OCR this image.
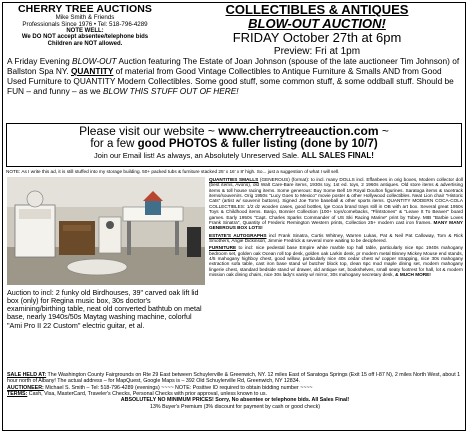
CHERRY TREE AUCTIONS
Mike Smith & Friends
Professionals Since 1976 • Tel: 518-796-4289
NOTE WELL:
We DO NOT accept absentee/telephone bids
Children are NOT allowed.
COLLECTIBLES & ANTIQUES
BLOW-OUT AUCTION!
FRIDAY October 27th at 6pm
Preview: Fri at 1pm
A Friday Evening BLOW-OUT Auction featuring The Estate of Joan Johnson (spouse of the late auctioneer Tim Johnson) of Ballston Spa NY. QUANTITY of material from Good Vintage Collectibles to Antique Furniture & Smalls AND from Good Used Furniture to QUANTITY Modern Collectibles. Some good stuff, some common stuff, & some oddball stuff. Should be FUN – and funny – as we BLOW THIS STUFF OUT OF HERE!
Please visit our website ~ www.cherrytreeauction.com ~
for a few good PHOTOS & fuller listing (done by 10/7)
Join our Email list! As always, an Absolutely Unreserved Sale. ALL SALES FINAL!
NOTE: As I write this ad, it is still stuffed into my storage building. 50+ packed tubs & furniture stacked 25' x 16' x 8' high. So... just a suggestion of what I will sell.
Auction to incl: 2 funky old Birdhouses, 39" carved oak lift lid box (only) for Regina music box, 30s doctor's examining/birthing table, neat old converted bathtub on metal base, nearly 1940s/50s Maytag washing machine, colorful "Ami Pro II 22 Custom" electric guitar, et al.

QUANTITIES SMALLS (GENEROUS) (format): to incl. many DOLLS incl. Effanbees in orig boxes, Modern collector doll (best items, Avons), old Walt Care-Bare items, 1930s toy, 1st ed. toys, 2 1960s antiques. Old store items & advertising items & toll house racing items. Some generous: Buy Some Bell 19 Royal Doulton figurines. Saratoga items & racetrack items/souvenirs. Orig 1950s "Lucy Goes to Mexico" movie poster & other Hollywood collectibles. Neat Lion chair "Historic Cats" (artist w/ souvenir buttons). Signed Joe Torre baseball & other sports items. QUANTITY MODERN COCA-COLA COLLECTIBLES: 1/2 dz wooden cases, good bottles, lge Coca brand trays still in OB with art box. Several great 1950s Toys & Childhood items. Banjo, Bonnie! Collection (100+ toys/comebacks, "Flintstones" & "Leave It To Beaver" board games. Early 1950s "Capt. Charles Sparks Commander of US Ski Racing Marine" print by Tobey. MIB "Barbie Loves Frank Sinatra", Quantity of Frederic Remington Western prints, Collection 25+ modern cast iron frames. MANY MANY GENEROUS BOX LOTS!

ESTATE'S AUTOGRAPHS incl Frank Sinatra, Curtis Whitney, Warren Lukas, Pat & Neil Pat Calloway, Tom & Rick Smothers, Angie Dickinson, Jimmie Fredrick & several more waiting to be deciphered.

FURNITURE to incl: nice pedestal base Empire white marble top hall table, particularly nice 6pc 1940s mahogany bedroom set, golden oak Ocean roll top desk, golden oak Larkin desk, pr modern metal Bisney Mickey Mouse end stands, 4/5 mahogany highboy chest, good willow, particularly nice 40s cedar chest w/ copper strapping, nice 30s mahogany extraction sofa table, cast iron base stand w/ butcher block top, clean 6pc mod maple dining set, modern mahogany lingerie chest, standard bedside stand w/ drawer, old antique set, bookshelves, small seaty footrest for hall, lot & modern mission oak dining chairs, nice 30s lady's vanity w/ mirror, 30s mahogany secretary desk, & MUCH MORE!

SALE HELD AT: The Washington County Fairgrounds on Rte 29 East between Schuylerville & Greenwich, NY. 12 miles East of Saratoga Springs (Exit 15 off I-87 N), 2 miles North West, about 1 hour north of Albany! The actual address – for MapQuest, Google Maps is – 392 Old Schuylerville Rd, Greenwich, NY 12834.

AUCTIONEER: Michael S. Smith – Tel: 518-796-4289 (evenings) ~~~~ NOTE: Positive ID required to obtain bidding number ~~~~

TERMS: Cash, Visa, MasterCard, Traveler's Checks, Personal Checks with prior approval, unless known to us.

ABSOLUTELY NO MINIMUM PRICES! Sorry, No absentee or telephone bids. All Sales Final!

13% Buyer's Premium (3% discount for payment by cash or good check)
